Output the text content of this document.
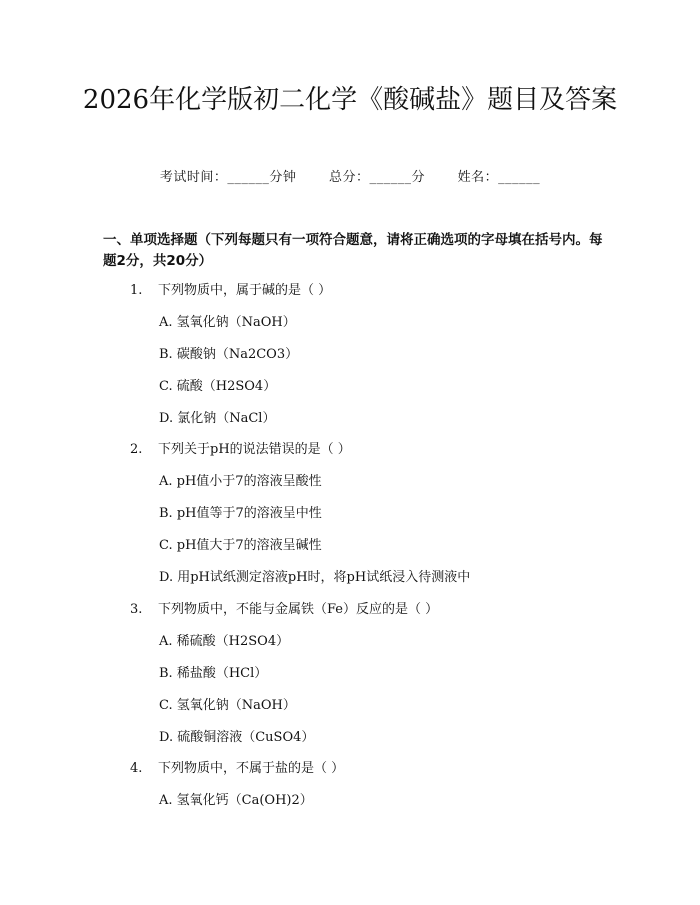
2026年化学版初二化学《酸碱盐》题目及答案
考试时间：______分钟	总分：______分	姓名：______
一、单项选择题（下列每题只有一项符合题意，请将正确选项的字母填在括号内。每题2分，共20分）
1. 下列物质中，属于碱的是（ ）
A. 氢氧化钠（NaOH）
B. 碳酸钠（Na2CO3）
C. 硫酸（H2SO4）
D. 氯化钠（NaCl）
2. 下列关于pH的说法错误的是（ ）
A. pH值小于7的溶液呈酸性
B. pH值等于7的溶液呈中性
C. pH值大于7的溶液呈碱性
D. 用pH试纸测定溶液pH时，将pH试纸浸入待测液中
3. 下列物质中，不能与金属铁（Fe）反应的是（ ）
A. 稀硫酸（H2SO4）
B. 稀盐酸（HCl）
C. 氢氧化钠（NaOH）
D. 硫酸铜溶液（CuSO4）
4. 下列物质中，不属于盐的是（ ）
A. 氢氧化钙（Ca(OH)2）
